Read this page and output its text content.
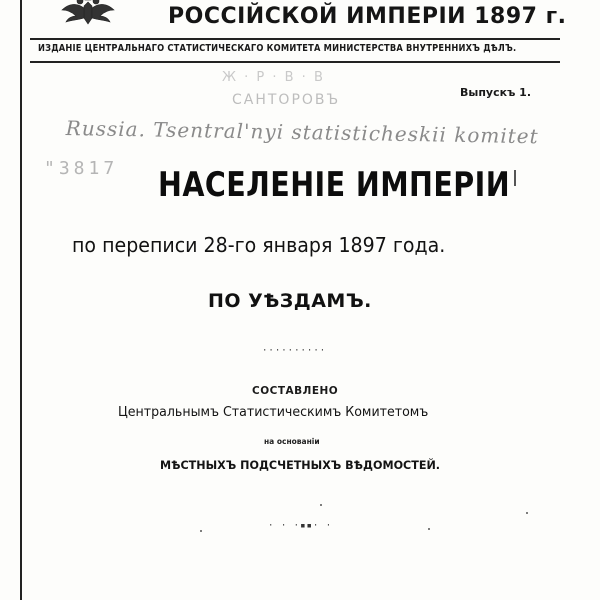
РОССІЙСКОЙ ИМПЕРІИ 1897 г.
ИЗДАНІЕ ЦЕНТРАЛЬНАГО СТАТИСТИЧЕСКАГО КОМИТЕТА МИНИСТЕРСТВА ВНУТРЕННИХЪ ДѢЛЪ.
Ж · Р · В · В
САНТОРОВЪ	Выпускъ 1.
Russia. Tsentral'nyi statisticheskii komitet
"3817 НАСЕЛЕНІЕ ИМПЕРІИ
по переписи 28-го января 1897 года.
ПО УѢЗДАМЪ.
··········
СОСТАВЛЕНО
Центральнымъ Статистическимъ Комитетомъ
на основаніи
МѢСТНЫХЪ ПОДСЧЕТНЫХЪ ВѢДОМОСТЕЙ.
· · ·▪▪· ·
